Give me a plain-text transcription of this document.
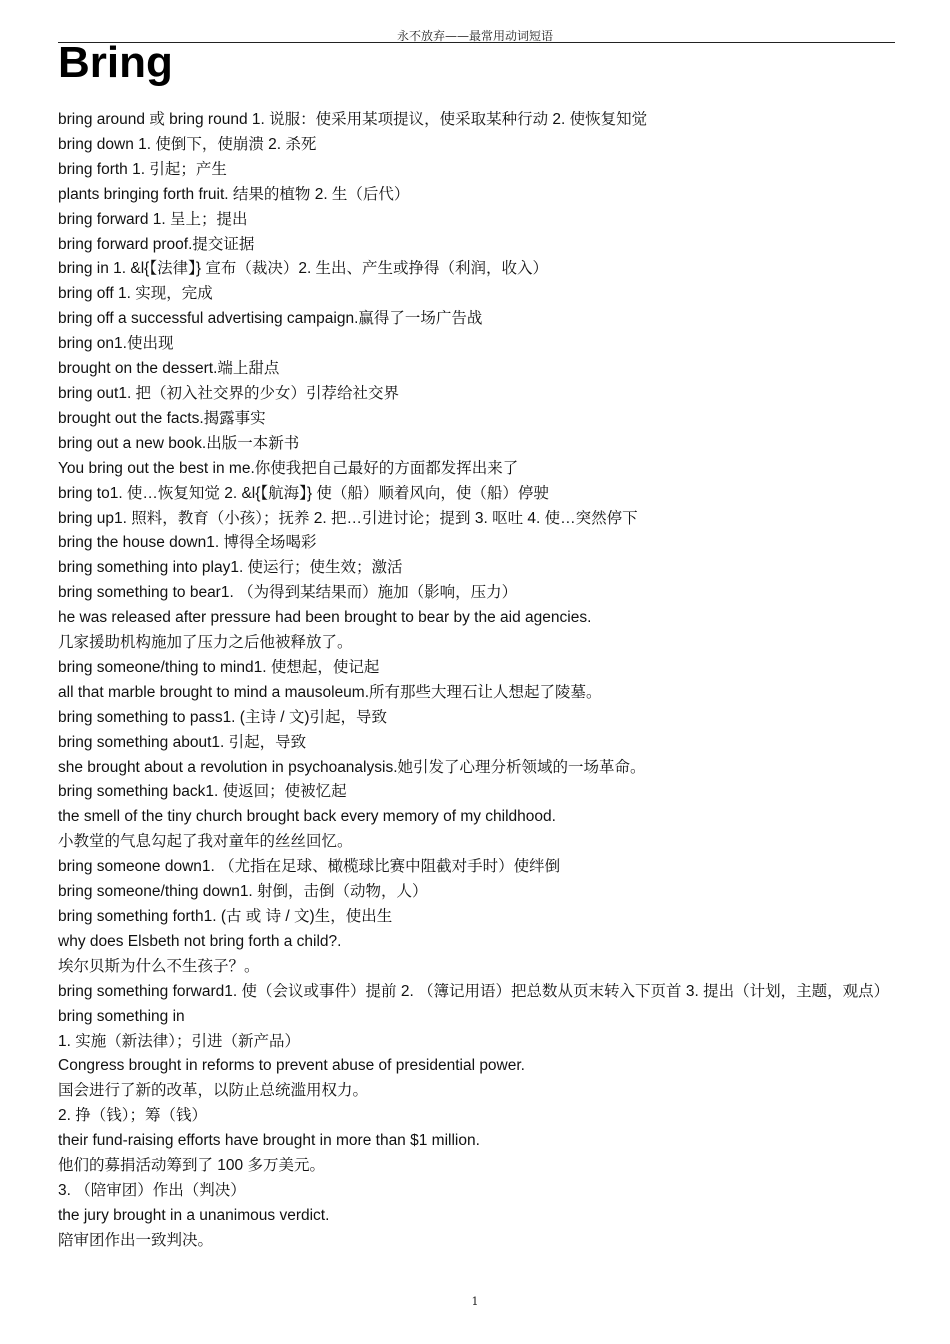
永不放弃——最常用动词短语
Bring
bring around 或 bring round 1. 说服：使采用某项提议，使采取某种行动 2. 使恢复知觉
bring down 1. 使倒下，使崩溃 2. 杀死
bring forth 1. 引起；产生
plants bringing forth fruit. 结果的植物 2. 生（后代）
bring forward 1. 呈上；提出
bring forward proof.提交证据
bring in 1. &l{【法律】} 宣布（裁决）2. 生出、产生或挣得（利润，收入）
bring off 1. 实现，完成
bring off a successful advertising campaign.赢得了一场广告战
bring on1.使出现
brought on the dessert.端上甜点
bring out1. 把（初入社交界的少女）引荐给社交界
brought out the facts.揭露事实
bring out a new book.出版一本新书
You bring out the best in me.你使我把自己最好的方面都发挥出来了
bring to1. 使…恢复知觉 2. &l{【航海】} 使（船）顺着风向，使（船）停驶
bring up1. 照料，教育（小孩）；抚养 2. 把…引进讨论；提到 3. 呕吐 4. 使…突然停下
bring the house down1. 博得全场喝彩
bring something into play1. 使运行；使生效；激活
bring something to bear1. （为得到某结果而）施加（影响，压力）
he was released after pressure had been brought to bear by the aid agencies.
几家援助机构施加了压力之后他被释放了。
bring someone/thing to mind1. 使想起，使记起
all that marble brought to mind a mausoleum.所有那些大理石让人想起了陵墓。
bring something to pass1. (主诗 / 文)引起，导致
bring something about1. 引起，导致
she brought about a revolution in psychoanalysis.她引发了心理分析领域的一场革命。
bring something back1. 使返回；使被忆起
the smell of the tiny church brought back every memory of my childhood.
小教堂的气息勾起了我对童年的丝丝回忆。
bring someone down1. （尤指在足球、橄榄球比赛中阻截对手时）使绊倒
bring someone/thing down1. 射倒，击倒（动物，人）
bring something forth1. (古 或 诗 / 文)生，使出生
why does Elsbeth not bring forth a child?.
埃尔贝斯为什么不生孩子？。
bring something forward1. 使（会议或事件）提前 2. （簿记用语）把总数从页末转入下页首 3. 提出（计划，主题，观点）
bring something in
1. 实施（新法律）；引进（新产品）
Congress brought in reforms to prevent abuse of presidential power.
国会进行了新的改革，以防止总统滥用权力。
2. 挣（钱）；筹（钱）
their fund-raising efforts have brought in more than $1 million.
他们的募捐活动筹到了 100 多万美元。
3. （陪审团）作出（判决）
the jury brought in a unanimous verdict.
陪审团作出一致判决。
1
